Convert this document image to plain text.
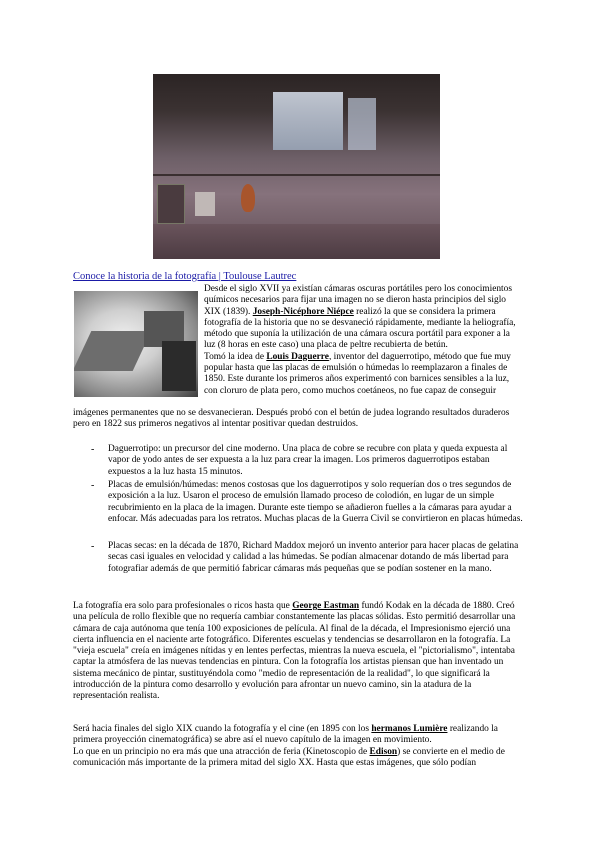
Conoce la historia de la fotografía | Toulouse Lautrec

Desde el siglo XVII ya existían cámaras oscuras portátiles pero los conocimientos químicos necesarios para fijar una imagen no se dieron hasta principios del siglo XIX (1839). Joseph-Nicéphore Niépce realizó la que se considera la primera fotografía de la historia que no se desvaneció rápidamente, mediante la heliografía, método que suponía la utilización de una cámara oscura portátil para exponer a la luz (8 horas en este caso) una placa de peltre recubierta de betún.
Tomó la idea de Louis Daguerre, inventor del daguerrotipo, método que fue muy popular hasta que las placas de emulsión o húmedas lo reemplazaron a finales de 1850. Este durante los primeros años experimentó con barnices sensibles a la luz, con cloruro de plata pero, como muchos coetáneos, no fue capaz de conseguir

imágenes permanentes que no se desvanecieran. Después probó con el betún de judea logrando resultados duraderos pero en 1822 sus primeros negativos al intentar positivar quedan destruidos.

- Daguerrotipo: un precursor del cine moderno. Una placa de cobre se recubre con plata y queda expuesta al vapor de yodo antes de ser expuesta a la luz para crear la imagen. Los primeros daguerrotipos estaban expuestos a la luz hasta 15 minutos.

- Placas de emulsión/húmedas: menos costosas que los daguerrotipos y solo requerían dos o tres segundos de exposición a la luz. Usaron el proceso de emulsión llamado proceso de colodión, en lugar de un simple recubrimiento en la placa de la imagen. Durante este tiempo se añadieron fuelles a la cámaras para ayudar a enfocar. Más adecuadas para los retratos. Muchas placas de la Guerra Civil se convirtieron en placas húmedas.

- Placas secas: en la década de 1870, Richard Maddox mejoró un invento anterior para hacer placas de gelatina secas casi iguales en velocidad y calidad a las húmedas. Se podían almacenar dotando de más libertad para fotografiar además de que permitió fabricar cámaras más pequeñas que se podían sostener en la mano.

La fotografía era solo para profesionales o ricos hasta que George Eastman fundó Kodak en la década de 1880. Creó una película de rollo flexible que no requería cambiar constantemente las placas sólidas. Esto permitió desarrollar una cámara de caja autónoma que tenía 100 exposiciones de película. Al final de la década, el Impresionismo ejerció una cierta influencia en el naciente arte fotográfico. Diferentes escuelas y tendencias se desarrollaron en la fotografía. La "vieja escuela" creía en imágenes nítidas y en lentes perfectas, mientras la nueva escuela, el "pictorialismo", intentaba captar la atmósfera de las nuevas tendencias en pintura. Con la fotografía los artistas piensan que han inventado un sistema mecánico de pintar, sustituyéndola como "medio de representación de la realidad", lo que significará la introducción de la pintura como desarrollo y evolución para afrontar un nuevo camino, sin la atadura de la representación realista.

Será hacia finales del siglo XIX cuando la fotografía y el cine (en 1895 con los hermanos Lumière realizando la primera proyección cinematográfica) se abre así el nuevo capítulo de la imagen en movimiento.
Lo que en un principio no era más que una atracción de feria (Kinetoscopio de Edison) se convierte en el medio de comunicación más importante de la primera mitad del siglo XX. Hasta que estas imágenes, que sólo podían
